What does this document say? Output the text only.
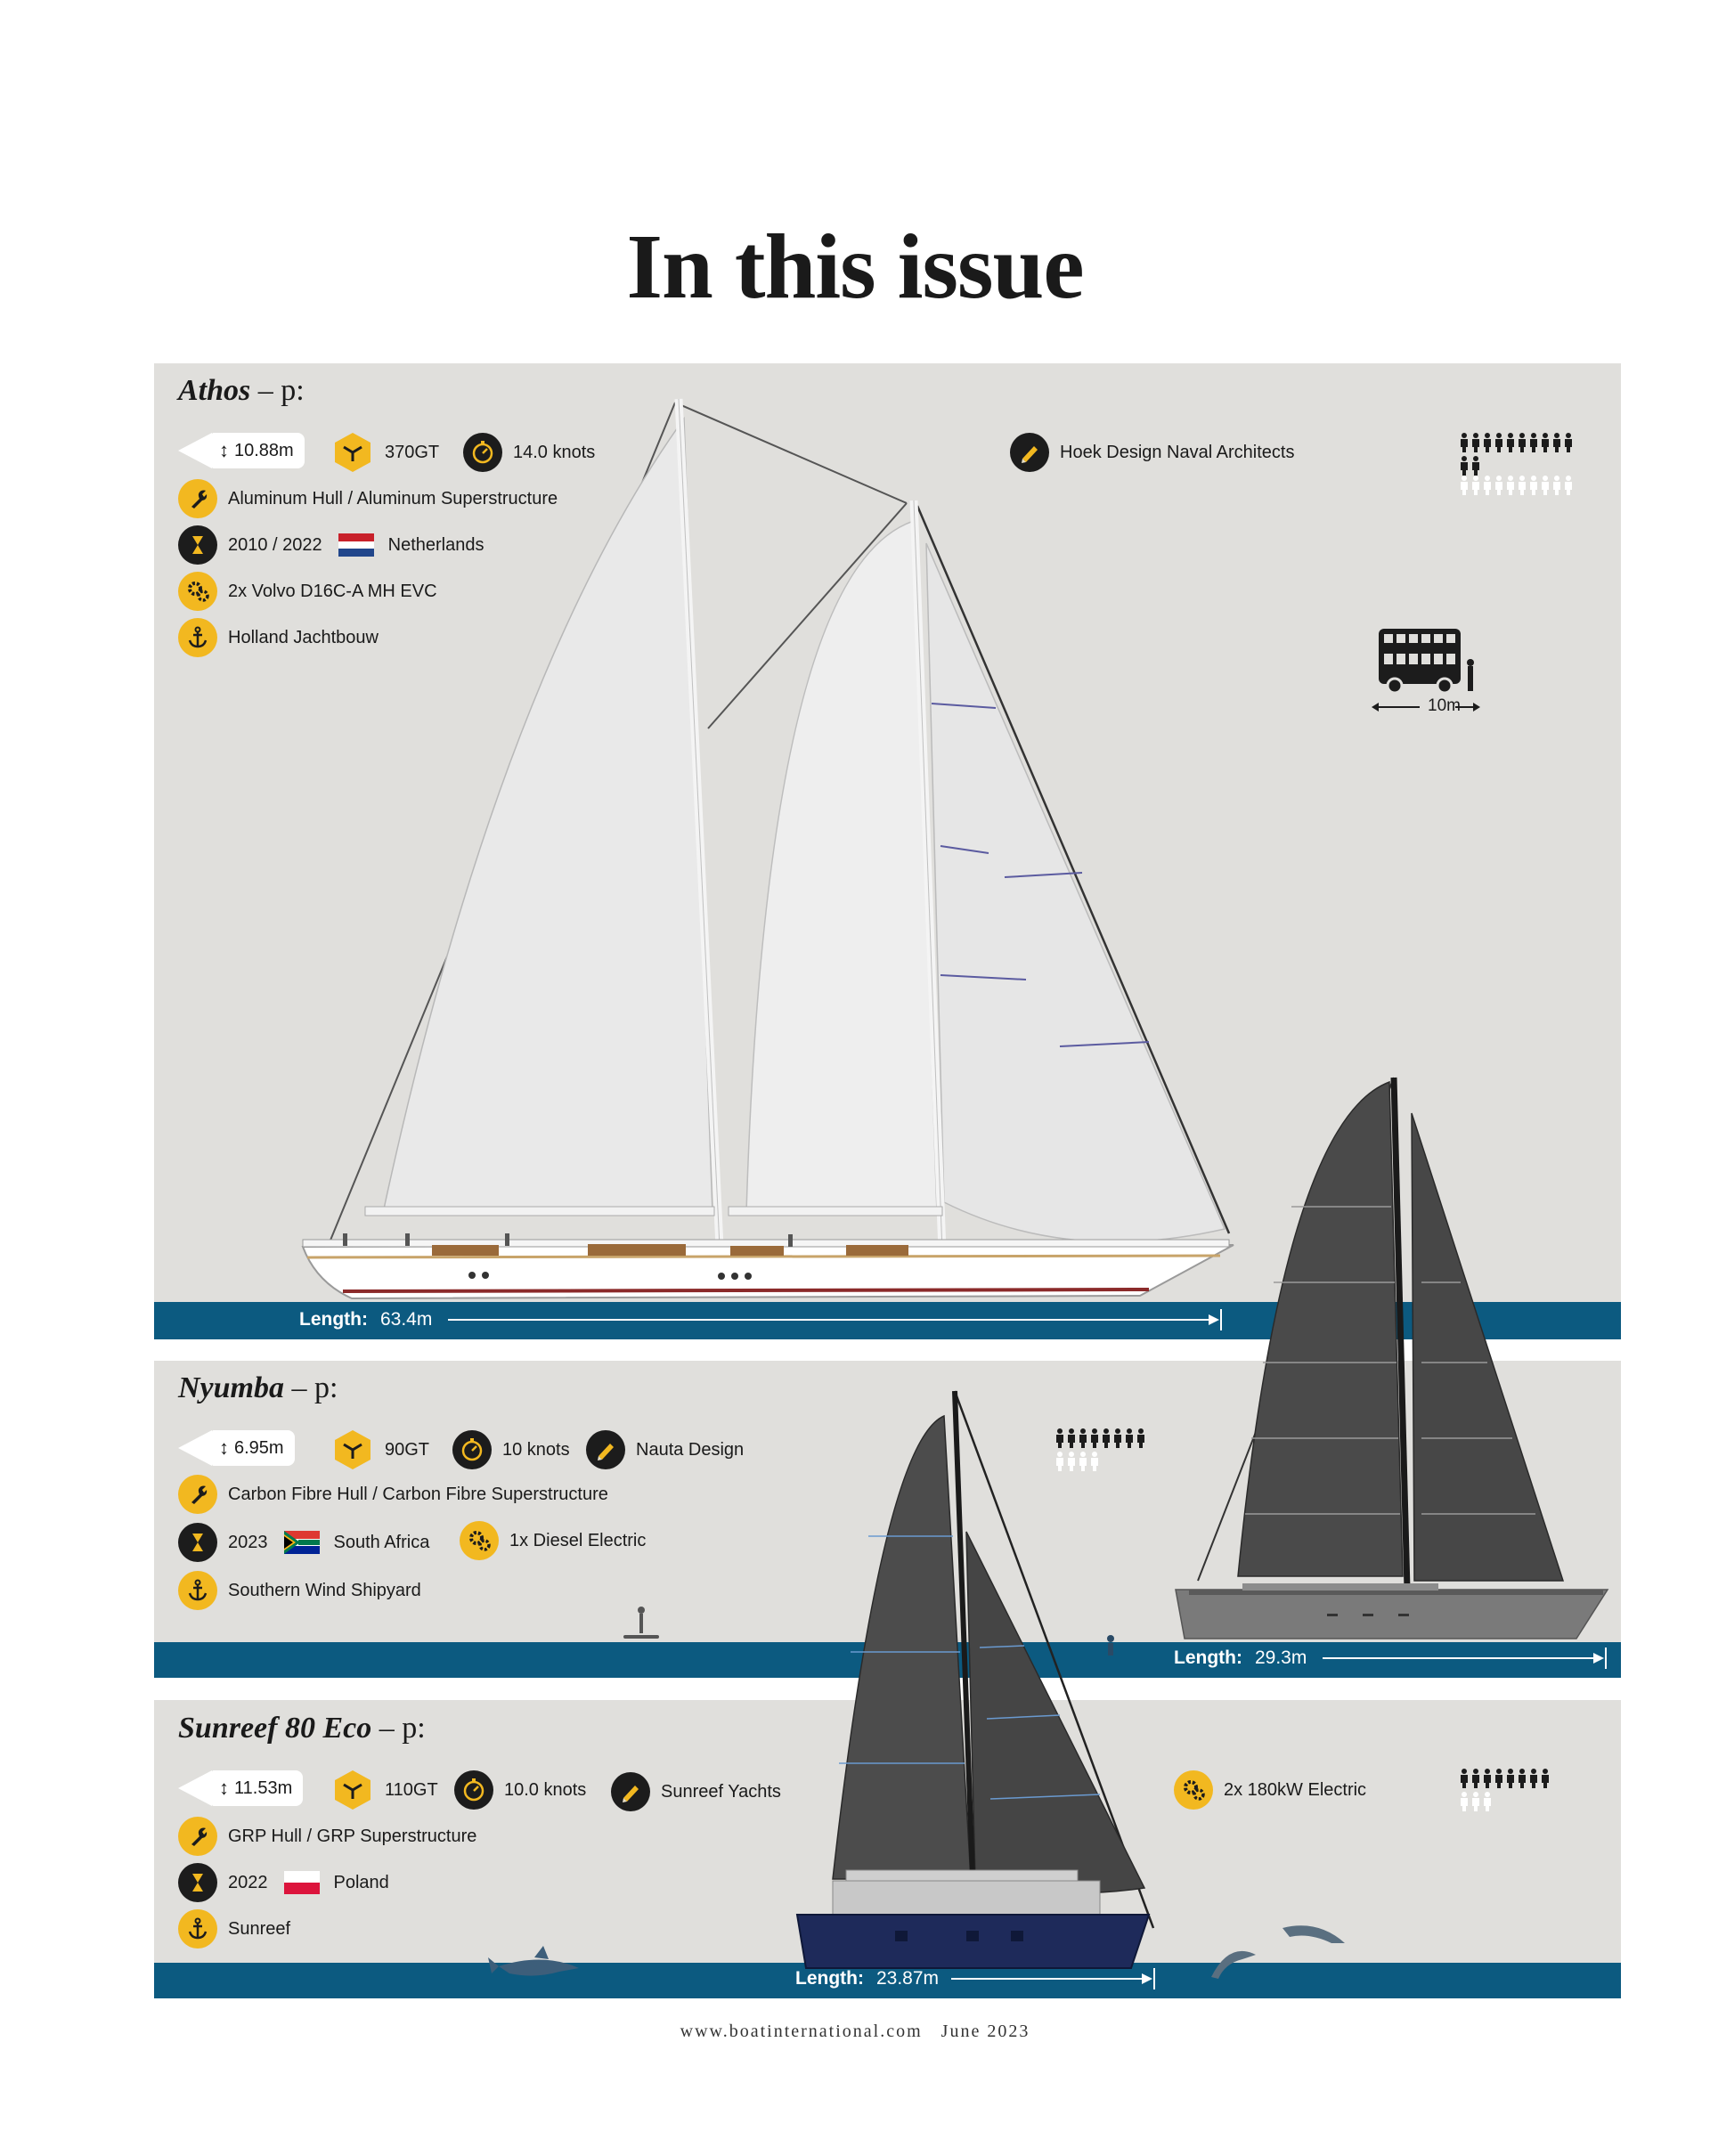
In this issue
Athos – p:
↕ 10.88m	370GT	14.0 knots	Hoek Design Naval Architects
Aluminum Hull / Aluminum Superstructure
2010 / 2022	Netherlands
2x Volvo D16C-A MH EVC
Holland Jachtbouw
Length: 63.4m
10m
Nyumba – p:
↕ 6.95m	90GT	10 knots	Nauta Design
Carbon Fibre Hull / Carbon Fibre Superstructure
2023	South Africa	1x Diesel Electric
Southern Wind Shipyard
Length: 29.3m
Sunreef 80 Eco – p:
↕ 11.53m	110GT	10.0 knots	Sunreef Yachts	2x 180kW Electric
GRP Hull / GRP Superstructure
2022	Poland
Sunreef
Length: 23.87m
www.boatinternational.com June 2023
